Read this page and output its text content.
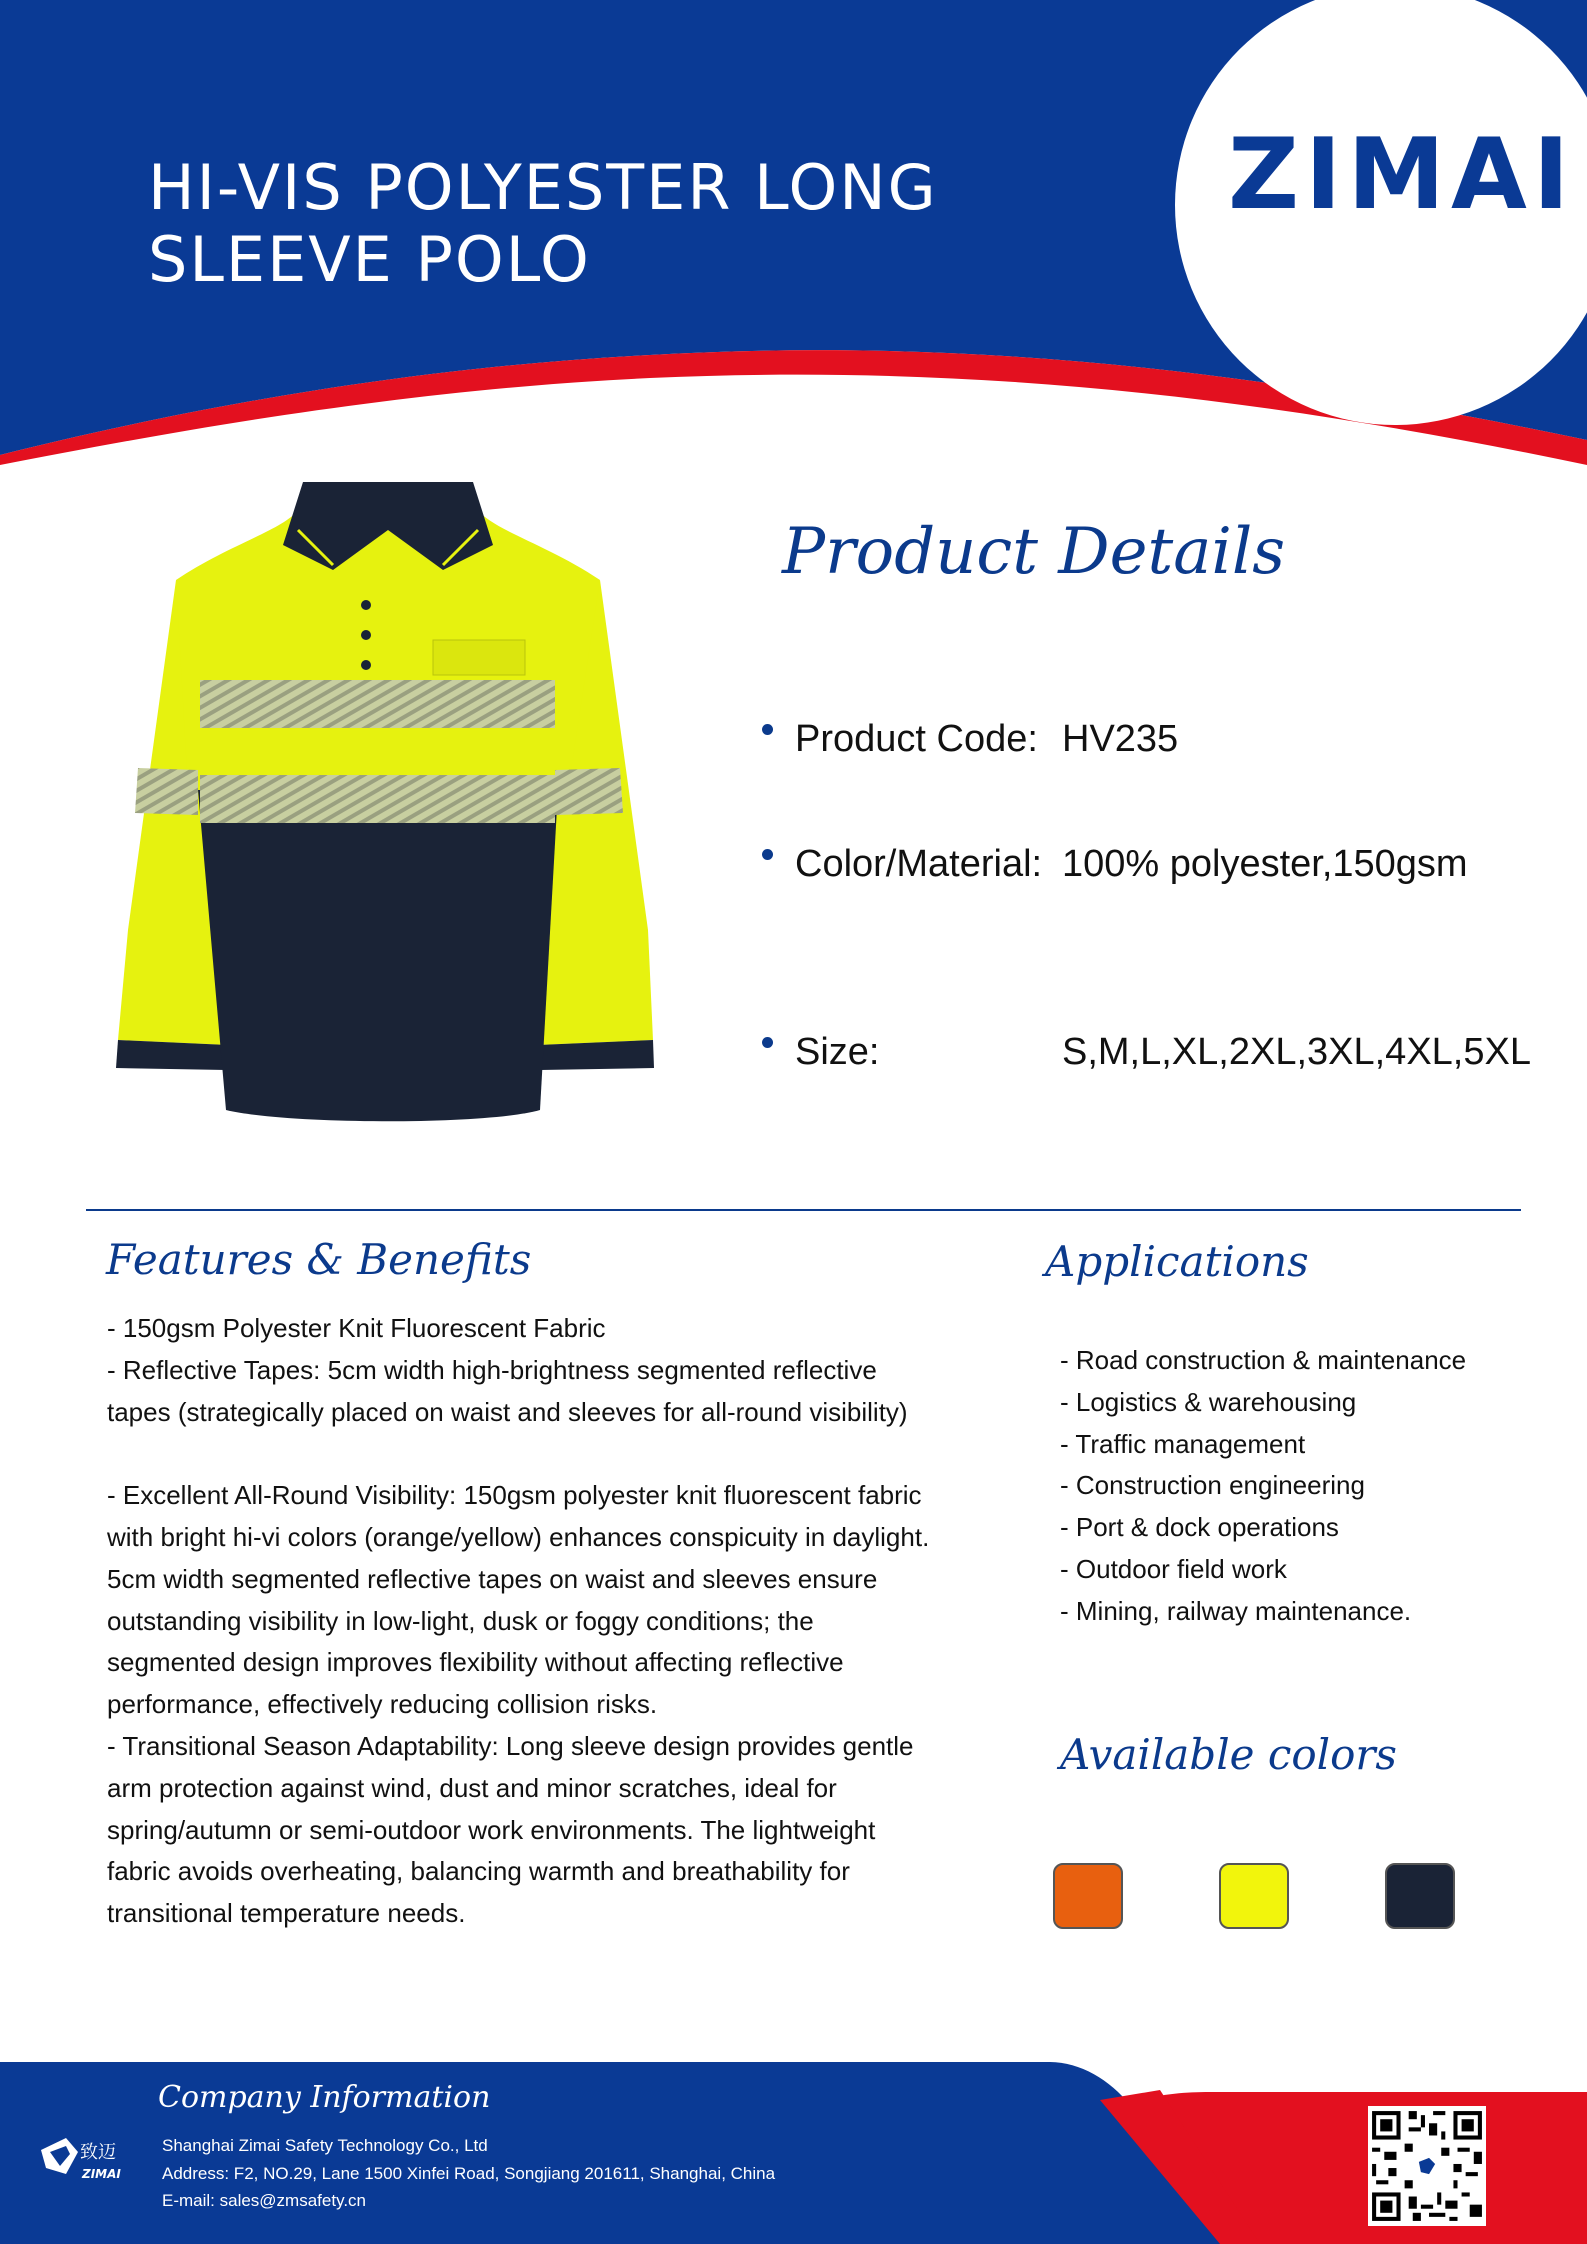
HI-VIS POLYESTER LONG
SLEEVE POLO
ZIMAI
Product Details
Product Code: HV235
Color/Material: 100% polyester,150gsm
Size:	S,M,L,XL,2XL,3XL,4XL,5XL
Features & Benefits
- 150gsm Polyester Knit Fluorescent Fabric
- Reflective Tapes: 5cm width high-brightness segmented reflective tapes (strategically placed on waist and sleeves for all-round visibility)
- Excellent All-Round Visibility: 150gsm polyester knit fluorescent fabric with bright hi-vi colors (orange/yellow) enhances conspicuity in daylight. 5cm width segmented reflective tapes on waist and sleeves ensure outstanding visibility in low-light, dusk or foggy conditions; the segmented design improves flexibility without affecting reflective performance, effectively reducing collision risks.
- Transitional Season Adaptability: Long sleeve design provides gentle arm protection against wind, dust and minor scratches, ideal for spring/autumn or semi-outdoor work environments. The lightweight fabric avoids overheating, balancing warmth and breathability for transitional temperature needs.
Applications
- Road construction & maintenance
- Logistics & warehousing
- Traffic management
- Construction engineering
- Port & dock operations
- Outdoor field work
- Mining, railway maintenance.
Available colors
致迈
ZIMAI
Company Information
Shanghai Zimai Safety Technology Co., Ltd
Address: F2, NO.29, Lane 1500 Xinfei Road, Songjiang 201611, Shanghai, China
E-mail: sales@zmsafety.cn
